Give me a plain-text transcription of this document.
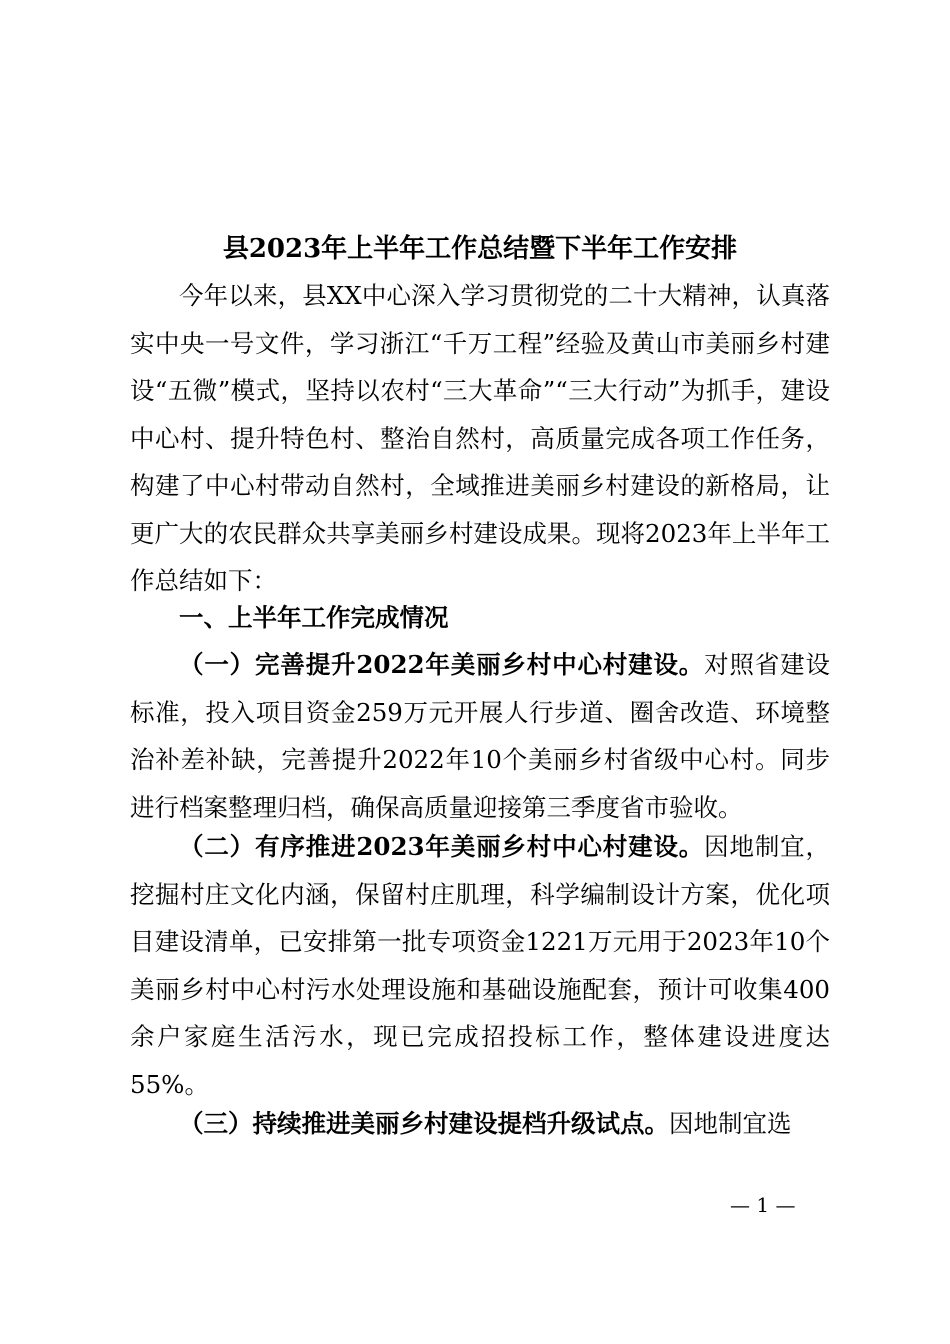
县2023年上半年工作总结暨下半年工作安排

今年以来，县XX中心深入学习贯彻党的二十大精神，认真落实中央一号文件，学习浙江“千万工程”经验及黄山市美丽乡村建设“五微”模式，坚持以农村“三大革命”“三大行动”为抓手，建设中心村、提升特色村、整治自然村，高质量完成各项工作任务，构建了中心村带动自然村，全域推进美丽乡村建设的新格局，让更广大的农民群众共享美丽乡村建设成果。现将2023年上半年工作总结如下：

一、上半年工作完成情况

（一）完善提升2022年美丽乡村中心村建设。对照省建设标准，投入项目资金259万元开展人行步道、圈舍改造、环境整治补差补缺，完善提升2022年10个美丽乡村省级中心村。同步进行档案整理归档，确保高质量迎接第三季度省市验收。

（二）有序推进2023年美丽乡村中心村建设。因地制宜，挖掘村庄文化内涵，保留村庄肌理，科学编制设计方案，优化项目建设清单，已安排第一批专项资金1221万元用于2023年10个美丽乡村中心村污水处理设施和基础设施配套，预计可收集400余户家庭生活污水，现已完成招投标工作，整体建设进度达55%。

（三）持续推进美丽乡村建设提档升级试点。因地制宜选

— 1 —
